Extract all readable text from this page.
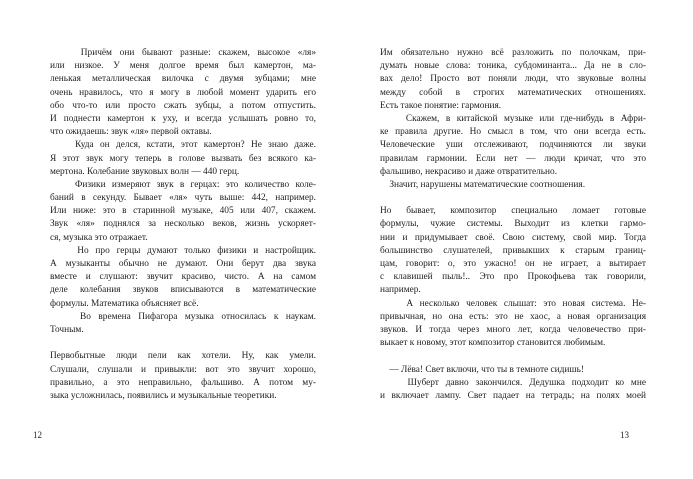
Причём они бывают разные: скажем, высокое «ля»
или низкое. У меня долгое время был камертон, ма-
ленькая металлическая вилочка с двумя зубцами; мне
очень нравилось, что я могу в любой момент ударить его
обо что-то или просто сжать зубцы, а потом отпустить.
И поднести камертон к уху, и всегда услышать ровно то,
что ожидаешь: звук «ля» первой октавы.
Куда он делся, кстати, этот камертон? Не знаю даже.
Я этот звук могу теперь в голове вызвать без всякого ка-
мертона. Колебание звуковых волн — 440 герц.
Физики измеряют звук в герцах: это количество коле-
баний в секунду. Бывает «ля» чуть выше: 442, например.
Или ниже: это в старинной музыке, 405 или 407, скажем.
Звук «ля» поднялся за несколько веков, жизнь ускоряет-
ся, музыка это отражает.
Но про герцы думают только физики и настройщик.
А музыканты обычно не думают. Они берут два звука
вместе и слушают: звучит красиво, чисто. А на самом
деле колебания звуков вписываются в математические
формулы. Математика объясняет всё.
Во времена Пифагора музыка относилась к наукам.
Точным.
Первобытные люди пели как хотели. Ну, как умели.
Слушали, слушали и привыкли: вот это звучит хорошо,
правильно, а это неправильно, фальшиво. А потом му-
зыка усложнилась, появились и музыкальные теоретики.
12
Им обязательно нужно всё разложить по полочкам, при-
думать новые слова: тоника, субдоминанта... Да не в сло-
вах дело! Просто вот поняли люди, что звуковые волны
между собой в строгих математических отношениях.
Есть такое понятие: гармония.
Скажем, в китайской музыке или где-нибудь в Афри-
ке правила другие. Но смысл в том, что они всегда есть.
Человеческие уши отслеживают, подчиняются ли звуки
правилам гармонии. Если нет — люди кричат, что это
фальшиво, некрасиво и даже отвратительно.
Значит, нарушены математические соотношения.
Но бывает, композитор специально ломает готовые
формулы, чужие системы. Выходит из клетки гармо-
нии и придумывает своё. Свою систему, свой мир. Тогда
большинство слушателей, привыкших к старым границ-
цам, говорит: о, это ужасно! он не играет, а вытирает
с клавишей пыль!.. Это про Прокофьева так говорили,
например.
А несколько человек слышат: это новая система. Не-
привычная, но она есть: это не хаос, а новая организация
звуков. И тогда через много лет, когда человечество при-
выкает к новому, этот композитор становится любимым.
— Лёва! Свет включи, что ты в темноте сидишь!
Шуберт давно закончился. Дедушка подходит ко мне
и включает лампу. Свет падает на тетрадь; на полях моей
13
